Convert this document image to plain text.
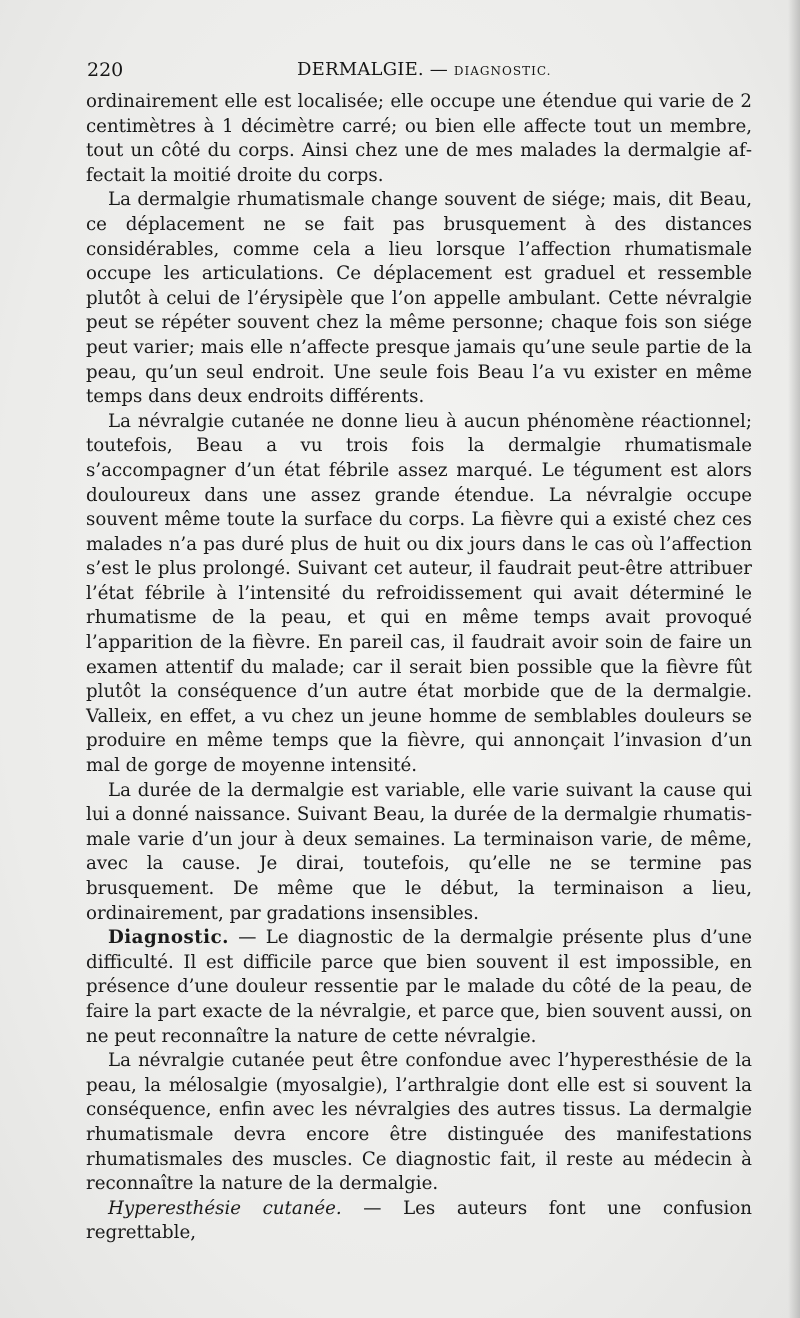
220	DERMALGIE. — DIAGNOSTIC.

ordinairement elle est localisée; elle occupe une étendue qui varie de 2 centimètres à 1 décimètre carré; ou bien elle affecte tout un membre, tout un côté du corps. Ainsi chez une de mes malades la dermalgie affectait la moitié droite du corps.

La dermalgie rhumatismale change souvent de siége; mais, dit Beau, ce déplacement ne se fait pas brusquement à des distances considérables, comme cela a lieu lorsque l’affection rhumatismale occupe les articulations. Ce déplacement est graduel et ressemble plutôt à celui de l’érysipèle que l’on appelle ambulant. Cette névralgie peut se répéter souvent chez la même personne; chaque fois son siége peut varier; mais elle n’affecte presque jamais qu’une seule partie de la peau, qu’un seul endroit. Une seule fois Beau l’a vu exister en même temps dans deux endroits différents.

La névralgie cutanée ne donne lieu à aucun phénomène réactionnel; toutefois, Beau a vu trois fois la dermalgie rhumatismale s’accompagner d’un état fébrile assez marqué. Le tégument est alors douloureux dans une assez grande étendue. La névralgie occupe souvent même toute la surface du corps. La fièvre qui a existé chez ces malades n’a pas duré plus de huit ou dix jours dans le cas où l’affection s’est le plus prolongé. Suivant cet auteur, il faudrait peut-être attribuer l’état fébrile à l’intensité du refroidissement qui avait déterminé le rhumatisme de la peau, et qui en même temps avait provoqué l’apparition de la fièvre. En pareil cas, il faudrait avoir soin de faire un examen attentif du malade; car il serait bien possible que la fièvre fût plutôt la conséquence d’un autre état morbide que de la dermalgie. Valleix, en effet, a vu chez un jeune homme de semblables douleurs se produire en même temps que la fièvre, qui annonçait l’invasion d’un mal de gorge de moyenne intensité.

La durée de la dermalgie est variable, elle varie suivant la cause qui lui a donné naissance. Suivant Beau, la durée de la dermalgie rhumatismale varie d’un jour à deux semaines. La terminaison varie, de même, avec la cause. Je dirai, toutefois, qu’elle ne se termine pas brusquement. De même que le début, la terminaison a lieu, ordinairement, par gradations insensibles.

Diagnostic. — Le diagnostic de la dermalgie présente plus d’une difficulté. Il est difficile parce que bien souvent il est impossible, en présence d’une douleur ressentie par le malade du côté de la peau, de faire la part exacte de la névralgie, et parce que, bien souvent aussi, on ne peut reconnaître la nature de cette névralgie.

La névralgie cutanée peut être confondue avec l’hyperesthésie de la peau, la mélosalgie (myosalgie), l’arthralgie dont elle est si souvent la conséquence, enfin avec les névralgies des autres tissus. La dermalgie rhumatismale devra encore être distinguée des manifestations rhumatismales des muscles. Ce diagnostic fait, il reste au médecin à reconnaître la nature de la dermalgie.

Hyperesthésie cutanée. — Les auteurs font une confusion regrettable,
